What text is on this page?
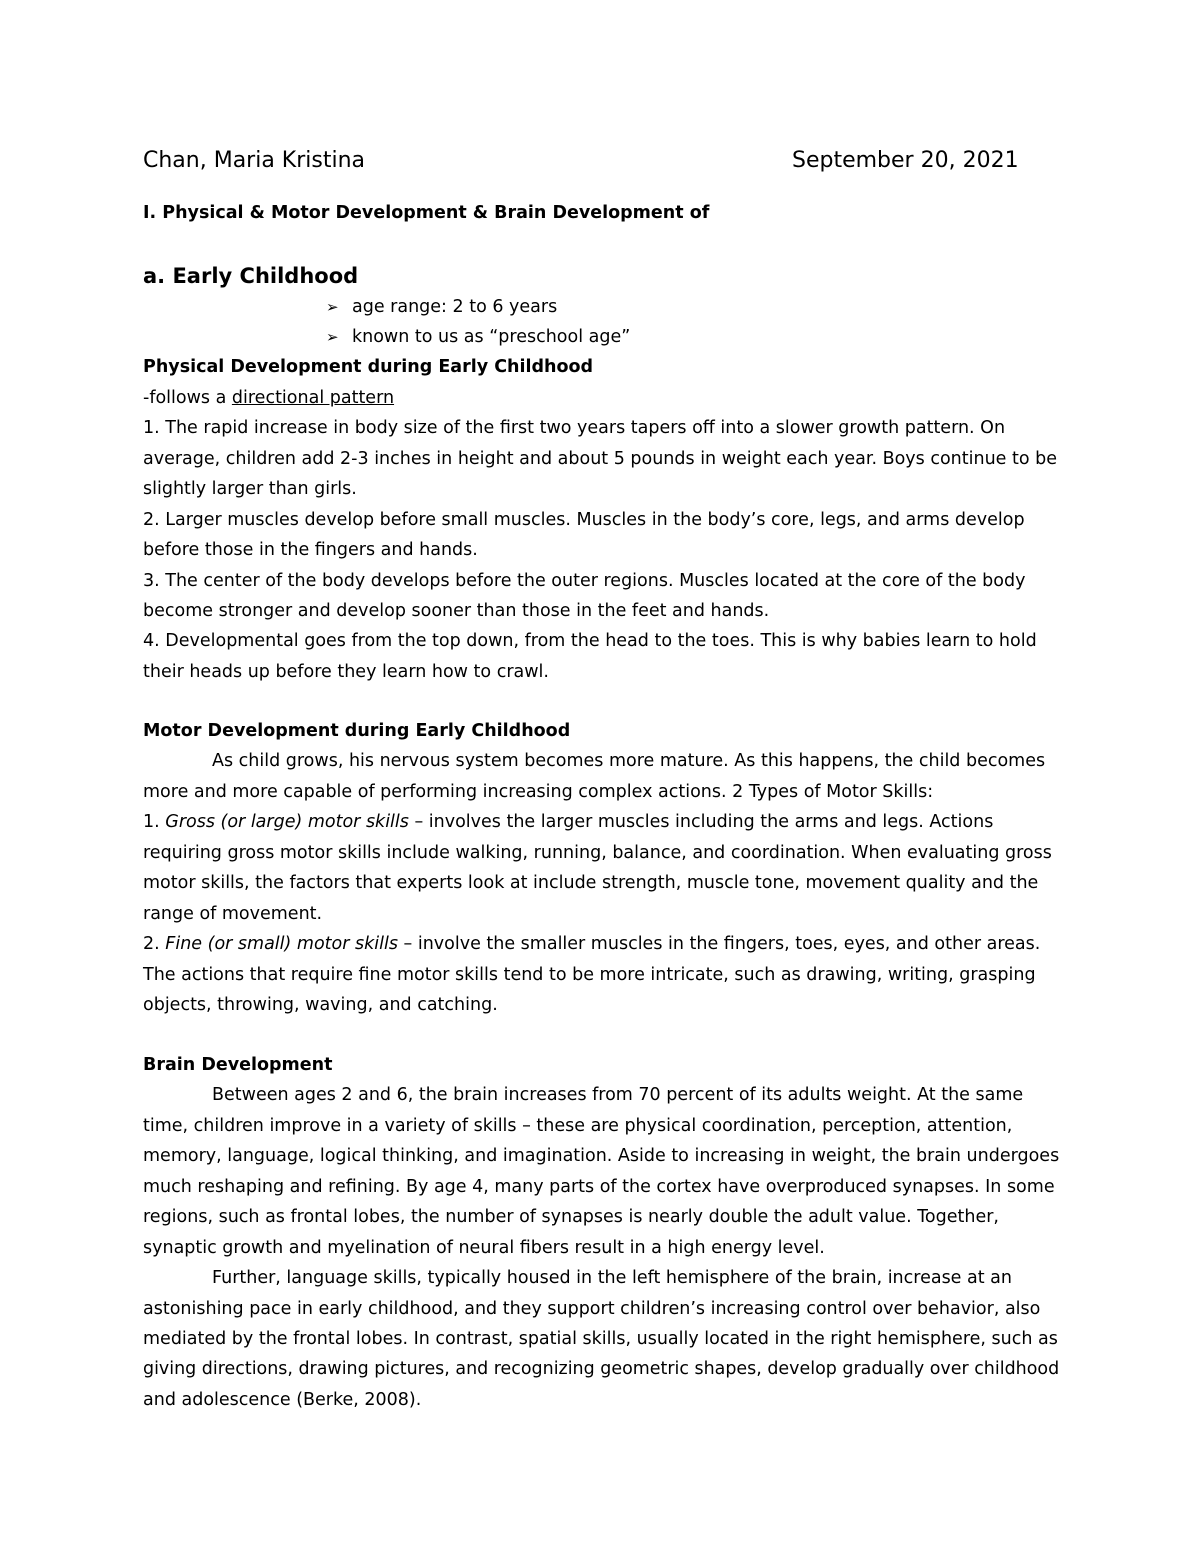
Chan, Maria Kristina	September 20, 2021
I. Physical & Motor Development & Brain Development of
a. Early Childhood
➢ age range: 2 to 6 years
➢ known to us as “preschool age”
Physical Development during Early Childhood
-follows a directional pattern
1. The rapid increase in body size of the first two years tapers off into a slower growth pattern. On
average, children add 2-3 inches in height and about 5 pounds in weight each year. Boys continue to be
slightly larger than girls.
2. Larger muscles develop before small muscles. Muscles in the body’s core, legs, and arms develop
before those in the fingers and hands.
3. The center of the body develops before the outer regions. Muscles located at the core of the body
become stronger and develop sooner than those in the feet and hands.
4. Developmental goes from the top down, from the head to the toes. This is why babies learn to hold
their heads up before they learn how to crawl.
Motor Development during Early Childhood
As child grows, his nervous system becomes more mature. As this happens, the child becomes
more and more capable of performing increasing complex actions. 2 Types of Motor Skills:
1. Gross (or large) motor skills – involves the larger muscles including the arms and legs. Actions
requiring gross motor skills include walking, running, balance, and coordination. When evaluating gross
motor skills, the factors that experts look at include strength, muscle tone, movement quality and the
range of movement.
2. Fine (or small) motor skills – involve the smaller muscles in the fingers, toes, eyes, and other areas.
The actions that require fine motor skills tend to be more intricate, such as drawing, writing, grasping
objects, throwing, waving, and catching.
Brain Development
Between ages 2 and 6, the brain increases from 70 percent of its adults weight. At the same
time, children improve in a variety of skills – these are physical coordination, perception, attention,
memory, language, logical thinking, and imagination. Aside to increasing in weight, the brain undergoes
much reshaping and refining. By age 4, many parts of the cortex have overproduced synapses. In some
regions, such as frontal lobes, the number of synapses is nearly double the adult value. Together,
synaptic growth and myelination of neural fibers result in a high energy level.
Further, language skills, typically housed in the left hemisphere of the brain, increase at an
astonishing pace in early childhood, and they support children’s increasing control over behavior, also
mediated by the frontal lobes. In contrast, spatial skills, usually located in the right hemisphere, such as
giving directions, drawing pictures, and recognizing geometric shapes, develop gradually over childhood
and adolescence (Berke, 2008).
